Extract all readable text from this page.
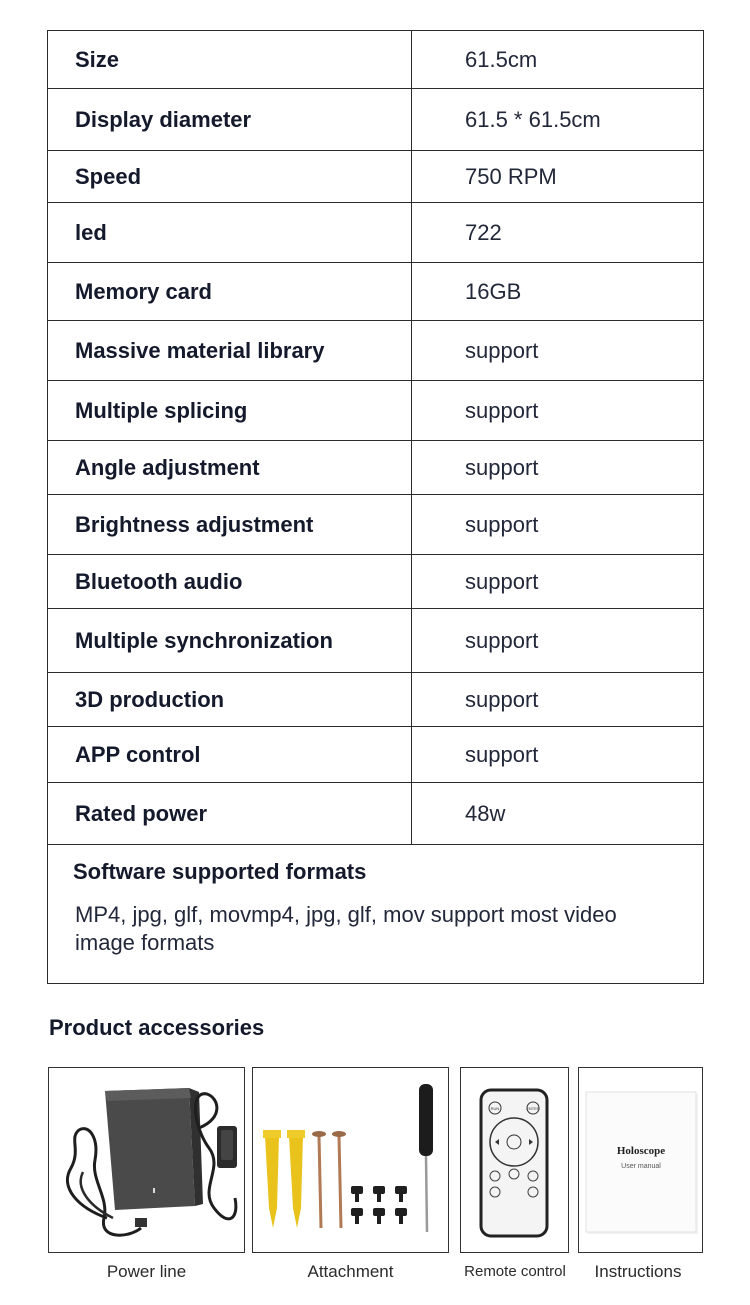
Size	61.5cm
Display diameter	61.5 * 61.5cm
Speed	750 RPM
led	722
Memory card	16GB
Massive material library	support
Multiple splicing	support
Angle adjustment	support
Brightness adjustment	support
Bluetooth audio	support
Multiple synchronization	support
3D production	support
APP control	support
Rated power	48w
Software supported formats
MP4, jpg, glf, movmp4, jpg, glf, mov support most video image formats
Product accessories
RUN	ENTER
Holoscope
User manual
Power line	Attachment	Remote control	Instructions
